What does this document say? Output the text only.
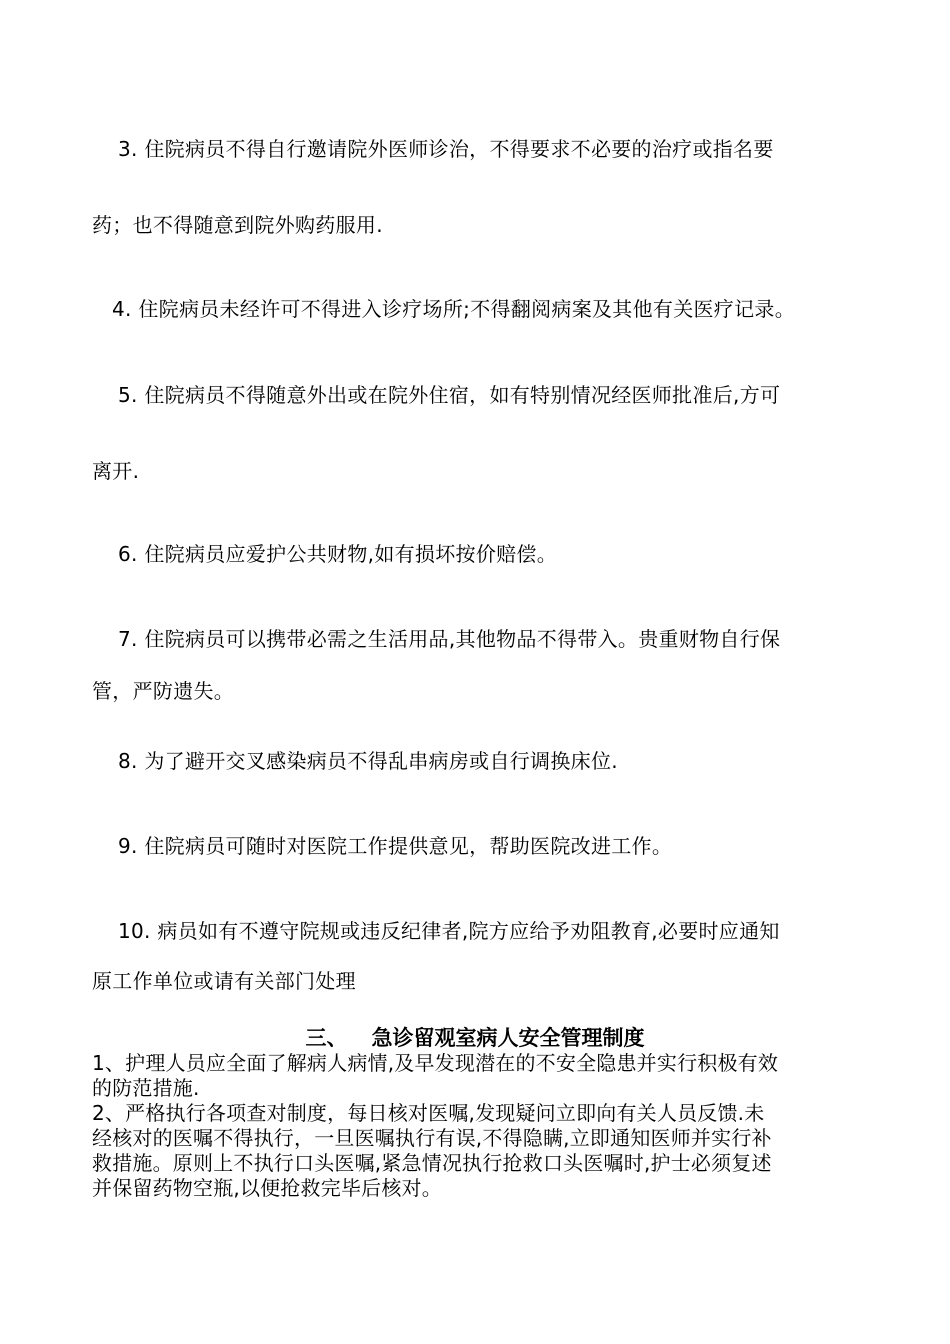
3. 住院病员不得自行邀请院外医师诊治，不得要求不必要的治疗或指名要
药；也不得随意到院外购药服用.
4. 住院病员未经许可不得进入诊疗场所;不得翻阅病案及其他有关医疗记录。
5. 住院病员不得随意外出或在院外住宿，如有特别情况经医师批准后,方可
离开.
6. 住院病员应爱护公共财物,如有损坏按价赔偿。
7. 住院病员可以携带必需之生活用品,其他物品不得带入。贵重财物自行保
管，严防遗失。
8. 为了避开交叉感染病员不得乱串病房或自行调换床位.
9. 住院病员可随时对医院工作提供意见，帮助医院改进工作。
10. 病员如有不遵守院规或违反纪律者,院方应给予劝阻教育,必要时应通知
原工作单位或请有关部门处理
三、 急诊留观室病人安全管理制度
1、护理人员应全面了解病人病情,及早发现潜在的不安全隐患并实行积极有效
的防范措施.
2、严格执行各项查对制度，每日核对医嘱,发现疑问立即向有关人员反馈.未
经核对的医嘱不得执行，一旦医嘱执行有误,不得隐瞒,立即通知医师并实行补
救措施。原则上不执行口头医嘱,紧急情况执行抢救口头医嘱时,护士必须复述
并保留药物空瓶,以便抢救完毕后核对。
